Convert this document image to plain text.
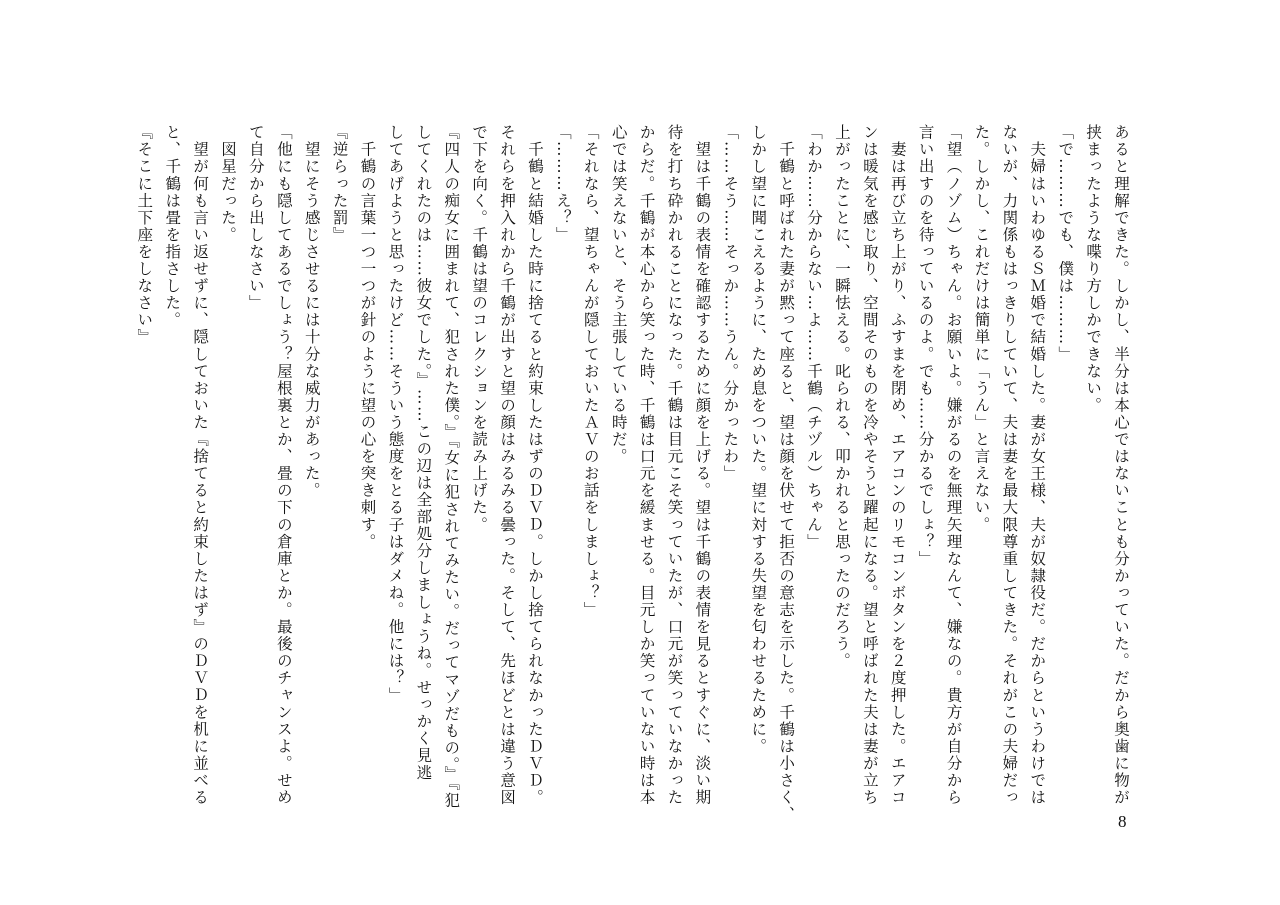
あると理解できた。しかし、半分は本心ではないことも分かっていた。だから奥歯に物が
挟まったような喋り方しかできない。
「で………でも、僕は………」
　夫婦はいわゆるＳＭ婚で結婚した。妻が女王様、夫が奴隷役だ。だからというわけでは
ないが、力関係もはっきりしていて、夫は妻を最大限尊重してきた。それがこの夫婦だっ
た。しかし、これだけは簡単に「うん」と言えない。
「望（ノゾム）ちゃん。お願いよ。嫌がるのを無理矢理なんて、嫌なの。貴方が自分から
言い出すのを待っているのよ。でも……分かるでしょ？」
　妻は再び立ち上がり、ふすまを閉め、エアコンのリモコンボタンを２度押した。エアコ
ンは暖気を感じ取り、空間そのものを冷やそうと躍起になる。望と呼ばれた夫は妻が立ち
上がったことに、一瞬怯える。叱られる、叩かれると思ったのだろう。
「わか……分からない…よ……千鶴（チヅル）ちゃん」
　千鶴と呼ばれた妻が黙って座ると、望は顔を伏せて拒否の意志を示した。千鶴は小さく、
しかし望に聞こえるように、ため息をついた。望に対する失望を匂わせるために。
「……そう……そっか……うん。分かったわ」
　望は千鶴の表情を確認するために顔を上げる。望は千鶴の表情を見るとすぐに、淡い期
待を打ち砕かれることになった。千鶴は目元こそ笑っていたが、口元が笑っていなかった
からだ。千鶴が本心から笑った時、千鶴は口元を緩ませる。目元しか笑っていない時は本
心では笑えないと、そう主張している時だ。
「それなら、望ちゃんが隠しておいたＡＶのお話をしましょ？」
「………え？」
　千鶴と結婚した時に捨てると約束したはずのＤＶＤ。しかし捨てられなかったＤＶＤ。
それらを押入れから千鶴が出すと望の顔はみるみる曇った。そして、先ほどとは違う意図
で下を向く。千鶴は望のコレクションを読み上げた。
『四人の痴女に囲まれて、犯された僕。』『女に犯されてみたい。だってマゾだもの。』『犯
してくれたのは……彼女でした。』……この辺は全部処分しましょうね。せっかく見逃
してあげようと思ったけど……そういう態度をとる子はダメね。他には？」
　千鶴の言葉一つ一つが針のように望の心を突き刺す。
『逆らった罰』
　望にそう感じさせるには十分な威力があった。
「他にも隠してあるでしょう？屋根裏とか、畳の下の倉庫とか。最後のチャンスよ。せめ
て自分から出しなさい」
　図星だった。
　望が何も言い返せずに、隠しておいた『捨てると約束したはず』のＤＶＤを机に並べる
と、千鶴は畳を指さした。
『そこに土下座をしなさい』
8
